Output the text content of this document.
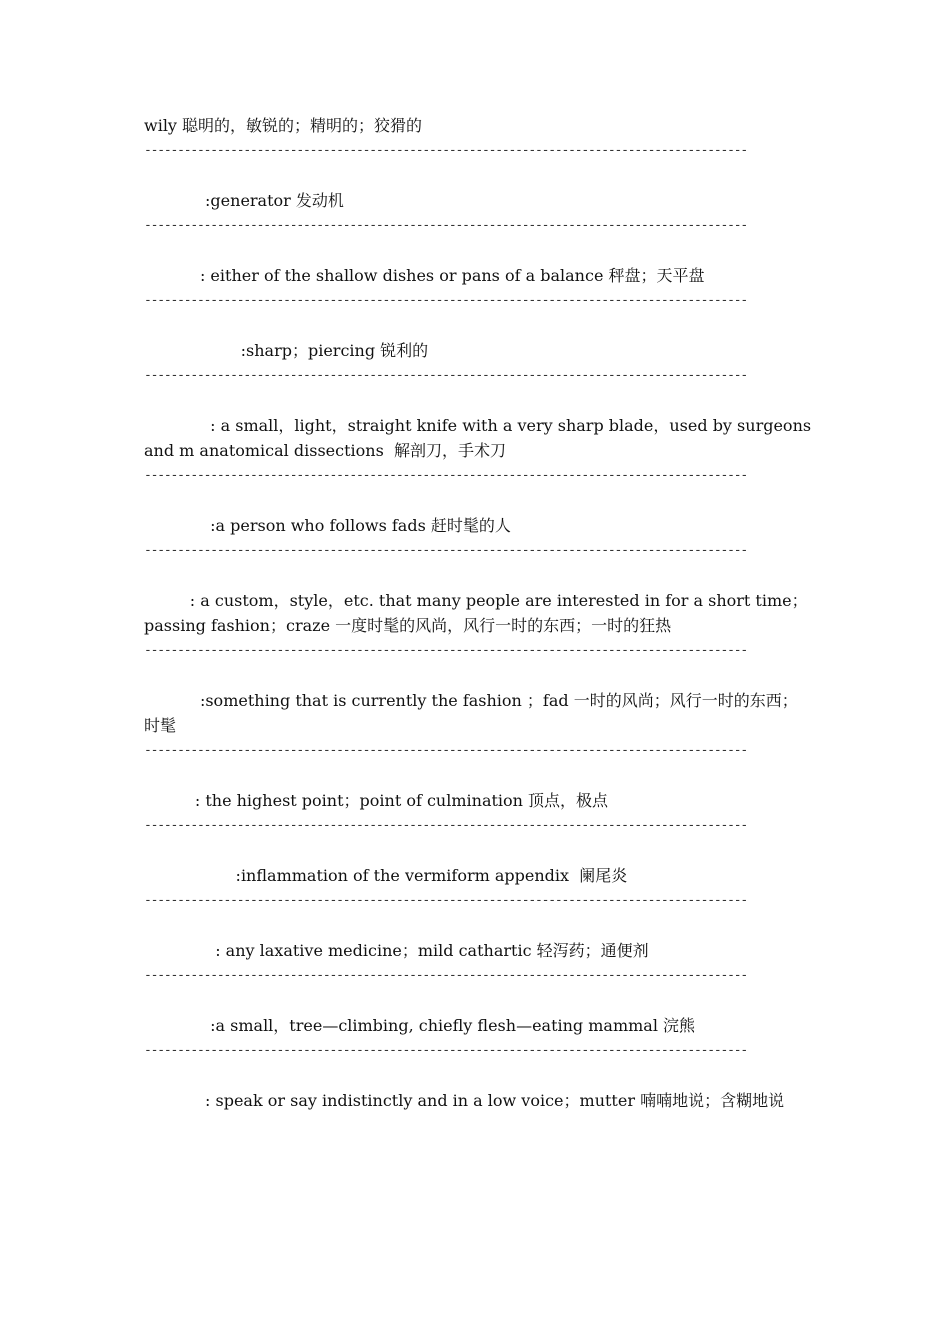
wily 聪明的，敏锐的；精明的；狡猾的

-------------------------------------------------------------------------------------------

:generator 发动机

-------------------------------------------------------------------------------------------

: either of the shallow dishes or pans of a balance 秤盘；天平盘

-------------------------------------------------------------------------------------------

:sharp；piercing 锐利的

-------------------------------------------------------------------------------------------

: a small，light，straight knife with a very sharp blade，used by surgeons and m anatomical dissections  解剖刀，手术刀

-------------------------------------------------------------------------------------------

:a person who follows fads 赶时髦的人

-------------------------------------------------------------------------------------------

: a custom，style，etc. that many people are interested in for a short time；passing fashion；craze 一度时髦的风尚，风行一时的东西；一时的狂热

-------------------------------------------------------------------------------------------

:something that is currently the fashion ；fad 一时的风尚；风行一时的东西；时髦

-------------------------------------------------------------------------------------------

: the highest point；point of culmination 顶点，极点

-------------------------------------------------------------------------------------------

:inflammation of the vermiform appendix  阑尾炎

-------------------------------------------------------------------------------------------

: any laxative medicine；mild cathartic 轻泻药；通便剂

-------------------------------------------------------------------------------------------

:a small，tree—climbing, chiefly flesh—eating mammal 浣熊

-------------------------------------------------------------------------------------------

: speak or say indistinctly and in a low voice；mutter 喃喃地说；含糊地说
